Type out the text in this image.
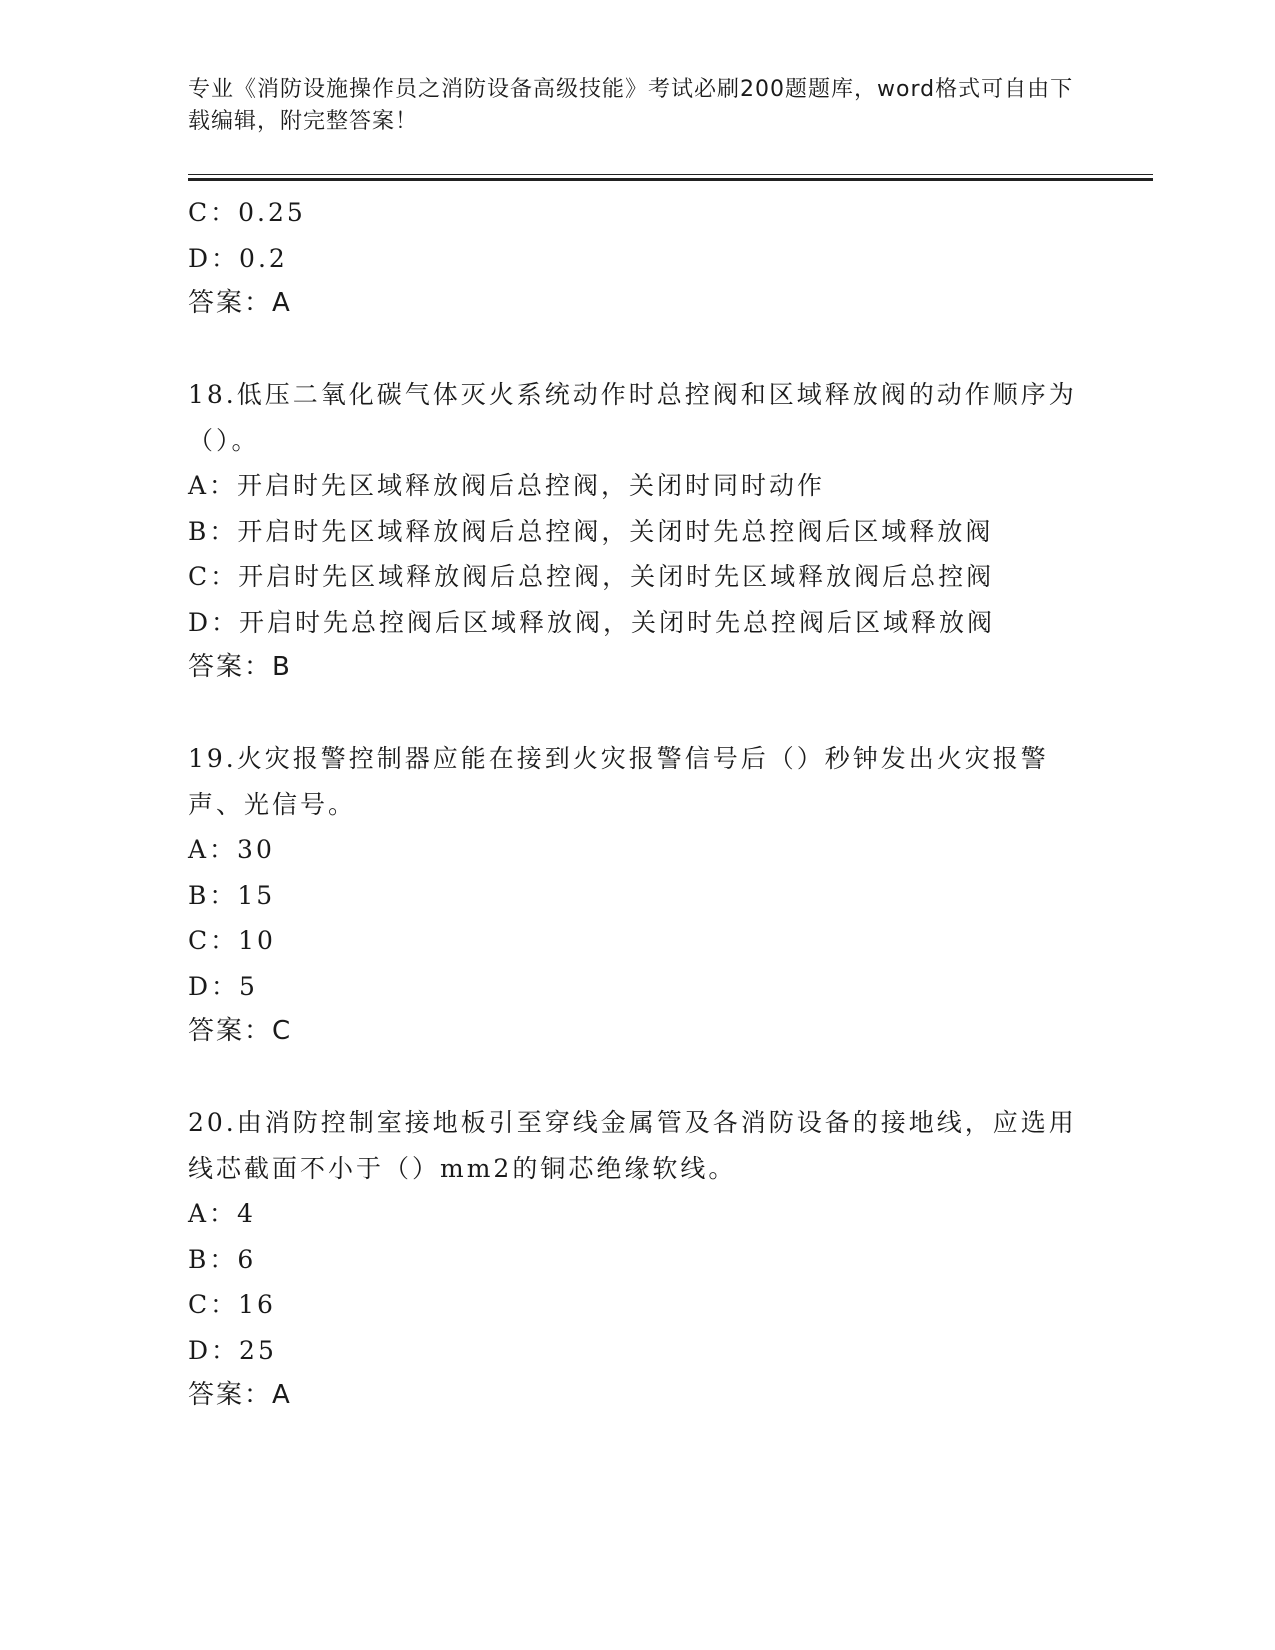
专业《消防设施操作员之消防设备高级技能》考试必刷200题题库，word格式可自由下载编辑，附完整答案！
C：0.25
D：0.2
答案：A
18.低压二氧化碳气体灭火系统动作时总控阀和区域释放阀的动作顺序为（）。
A：开启时先区域释放阀后总控阀，关闭时同时动作
B：开启时先区域释放阀后总控阀，关闭时先总控阀后区域释放阀
C：开启时先区域释放阀后总控阀，关闭时先区域释放阀后总控阀
D：开启时先总控阀后区域释放阀，关闭时先总控阀后区域释放阀
答案：B
19.火灾报警控制器应能在接到火灾报警信号后（）秒钟发出火灾报警声、光信号。
A：30
B：15
C：10
D：5
答案：C
20.由消防控制室接地板引至穿线金属管及各消防设备的接地线，应选用线芯截面不小于（）mm2的铜芯绝缘软线。
A：4
B：6
C：16
D：25
答案：A
